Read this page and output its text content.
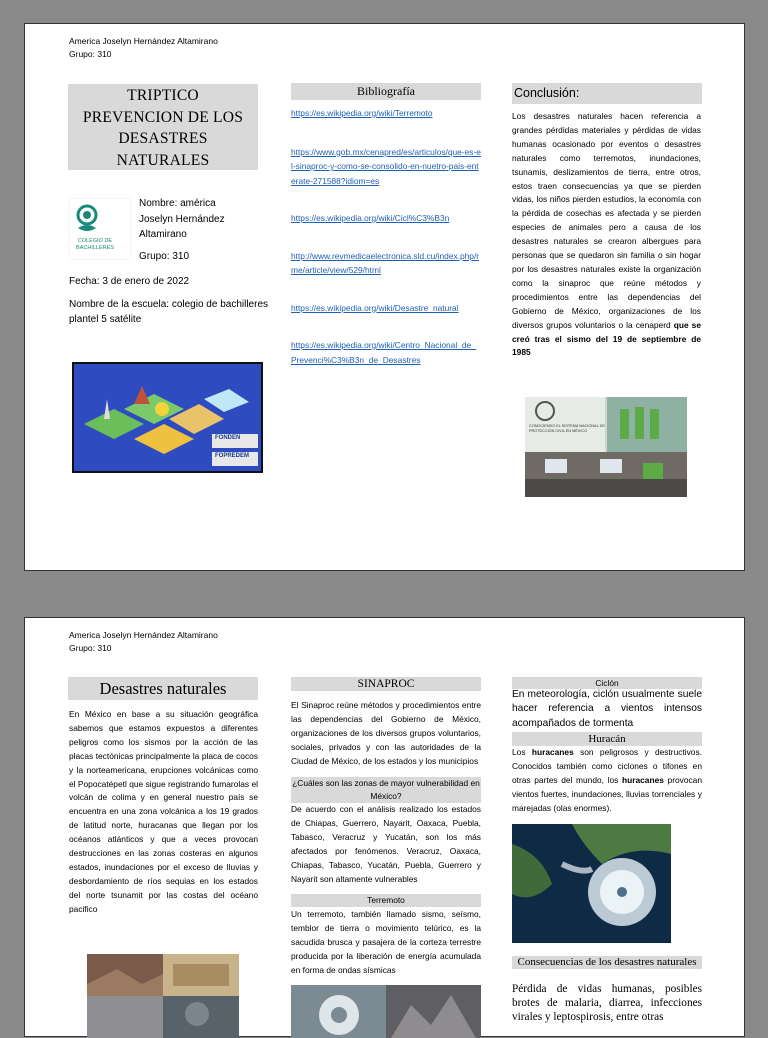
America Joselyn Hernández Altamirano
Grupo: 310
TRIPTICO
PREVENCION DE LOS
DESASTRES
NATURALES
COLEGIO DE BACHILLERES
Nombre: américa
Joselyn Hernández
Altamirano
Grupo: 310
Fecha: 3 de enero de 2022
Nombre de la escuela: colegio de bachilleres plantel 5 satélite
FONDEN
FOPREDEM
Bibliografía
https://es.wikipedia.org/wiki/Terremoto
https://www.gob.mx/cenapred/es/articulos/que-es-el-sinaproc-y-como-se-consolido-en-nuetro-pais-enterate-271588?idiom=es
https://es.wikipedia.org/wiki/Cicl%C3%B3n
http://www.revmedicaelectronica.sld.cu/index.php/rme/article/view/529/html
https://es.wikipedia.org/wiki/Desastre_natural
https://es.wikipedia.org/wiki/Centro_Nacional_de_Prevenci%C3%B3n_de_Desastres
Conclusión:
Los desastres naturales hacen referencia a grandes pérdidas materiales y pérdidas de vidas humanas ocasionado por eventos o desastres naturales como terremotos, inundaciones, tsunamis, deslizamientos de tierra, entre otros, estos traen consecuencias ya que se pierden vidas, los niños pierden estudios, la economía con la pérdida de cosechas es afectada y se pierden especies de animales pero a causa de los desastres naturales se crearon albergues para personas que se quedaron sin familia o sin hogar por los desastres naturales existe la organización como la sinaproc que reúne métodos y procedimientos entre las dependencias del Gobierno de México, organizaciones de los diversos grupos voluntarios o la cenaperd que se creó tras el sismo del 19 de septiembre de 1985
CONOCIENDO EL SISTEMA NACIONAL DE PROTECCIÓN CIVIL EN MÉXICO
America Joselyn Hernández Altamirano
Grupo: 310
Desastres naturales
En México en base a su situación geográfica sabemos que estamos expuestos a diferentes peligros como los sismos por la acción de las placas tectónicas principalmente la placa de cocos y la norteamericana, erupciones volcánicas como el Popocatépetl que sigue registrando fumarolas el volcán de colima y en general nuestro país se encuentra en una zona volcánica a los 19 grados de latitud norte, huracanas que llegan por los océanos atlánticos y que a veces provocan destrucciones en las zonas costeras en algunos estados, inundaciones por el exceso de lluvias y desbordamiento de ríos sequias en los estados del norte tsunamit por las costas del océano pacifico
SINAPROC
El Sinaproc reúne métodos y procedimientos entre las dependencias del Gobierno de México, organizaciones de los diversos grupos voluntarios, sociales, privados y con las autoridades de la Ciudad de México, de los estados y los municipios
¿Cuáles son las zonas de mayor vulnerabilidad en México?
De acuerdo con el análisis realizado los estados de Chiapas, Guerrero, Nayarit, Oaxaca, Puebla, Tabasco, Veracruz y Yucatán, son los más afectados por fenómenos. Veracruz, Oaxaca, Chiapas, Tabasco, Yucatán, Puebla, Guerrero y Nayarit son altamente vulnerables
Terremoto
Un terremoto, también llamado sismo, seísmo, temblor de tierra o movimiento telúrico, es la sacudida brusca y pasajera de la corteza terrestre producida por la liberación de energía acumulada en forma de ondas sísmicas
Ciclón
En meteorología, ciclón usualmente suele hacer referencia a vientos intensos acompañados de tormenta
Huracán
Los huracanes son peligrosos y destructivos. Conocidos también como ciclones o tifones en otras partes del mundo, los huracanes provocan vientos fuertes, inundaciones, lluvias torrenciales y marejadas (olas enormes).
Consecuencias de los desastres naturales
Pérdida de vidas humanas, posibles brotes de malaria, diarrea, infecciones virales y leptospirosis, entre otras
